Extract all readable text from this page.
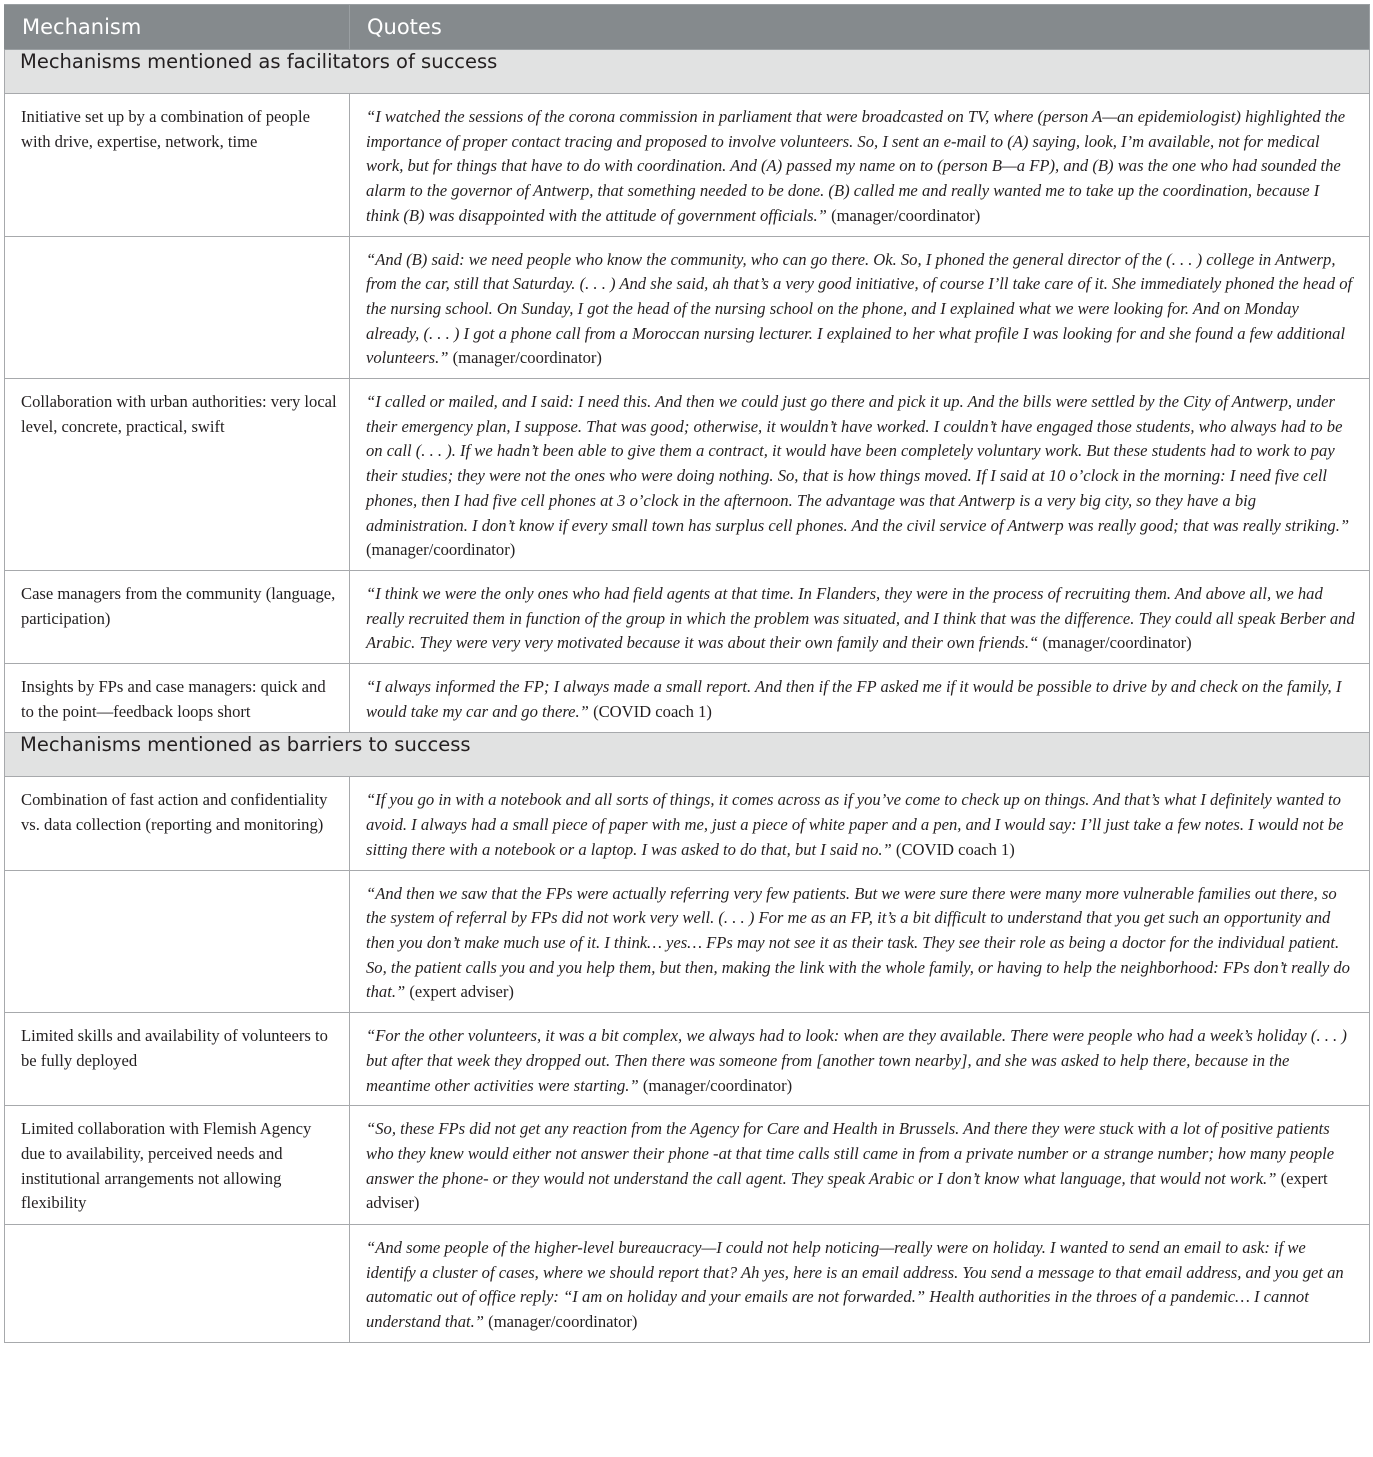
Mechanism	Quotes
Mechanisms mentioned as facilitators of success	
Initiative set up by a combination of people with drive, expertise, network, time	“I watched the sessions of the corona commission in parliament that were broadcasted on TV, where (person A—an epidemiologist) highlighted the importance of proper contact tracing and proposed to involve volunteers. So, I sent an e-mail to (A) saying, look, I’m available, not for medical work, but for things that have to do with coordination. And (A) passed my name on to (person B—a FP), and (B) was the one who had sounded the alarm to the governor of Antwerp, that something needed to be done. (B) called me and really wanted me to take up the coordination, because I think (B) was disappointed with the attitude of government officials.” (manager/coordinator)
	“And (B) said: we need people who know the community, who can go there. Ok. So, I phoned the general director of the (. . . ) college in Antwerp, from the car, still that Saturday. (. . . ) And she said, ah that’s a very good initiative, of course I’ll take care of it. She immediately phoned the head of the nursing school. On Sunday, I got the head of the nursing school on the phone, and I explained what we were looking for. And on Monday already, (. . . ) I got a phone call from a Moroccan nursing lecturer. I explained to her what profile I was looking for and she found a few additional volunteers.” (manager/coordinator)
Collaboration with urban authorities: very local level, concrete, practical, swift	“I called or mailed, and I said: I need this. And then we could just go there and pick it up. And the bills were settled by the City of Antwerp, under their emergency plan, I suppose. That was good; otherwise, it wouldn’t have worked. I couldn’t have engaged those students, who always had to be on call (. . . ). If we hadn’t been able to give them a contract, it would have been completely voluntary work. But these students had to work to pay their studies; they were not the ones who were doing nothing. So, that is how things moved. If I said at 10 o’clock in the morning: I need five cell phones, then I had five cell phones at 3 o’clock in the afternoon. The advantage was that Antwerp is a very big city, so they have a big administration. I don’t know if every small town has surplus cell phones. And the civil service of Antwerp was really good; that was really striking.” (manager/coordinator)
Case managers from the community (language, participation)	“I think we were the only ones who had field agents at that time. In Flanders, they were in the process of recruiting them. And above all, we had really recruited them in function of the group in which the problem was situated, and I think that was the difference. They could all speak Berber and Arabic. They were very very motivated because it was about their own family and their own friends.“ (manager/coordinator)
Insights by FPs and case managers: quick and to the point—feedback loops short	“I always informed the FP; I always made a small report. And then if the FP asked me if it would be possible to drive by and check on the family, I would take my car and go there.” (COVID coach 1)
Mechanisms mentioned as barriers to success	
Combination of fast action and confidentiality vs. data collection (reporting and monitoring)	“If you go in with a notebook and all sorts of things, it comes across as if you’ve come to check up on things. And that’s what I definitely wanted to avoid. I always had a small piece of paper with me, just a piece of white paper and a pen, and I would say: I’ll just take a few notes. I would not be sitting there with a notebook or a laptop. I was asked to do that, but I said no.” (COVID coach 1)
	“And then we saw that the FPs were actually referring very few patients. But we were sure there were many more vulnerable families out there, so the system of referral by FPs did not work very well. (. . . ) For me as an FP, it’s a bit difficult to understand that you get such an opportunity and then you don’t make much use of it. I think… yes… FPs may not see it as their task. They see their role as being a doctor for the individual patient. So, the patient calls you and you help them, but then, making the link with the whole family, or having to help the neighborhood: FPs don’t really do that.” (expert adviser)
Limited skills and availability of volunteers to be fully deployed	“For the other volunteers, it was a bit complex, we always had to look: when are they available. There were people who had a week’s holiday (. . . ) but after that week they dropped out. Then there was someone from [another town nearby], and she was asked to help there, because in the meantime other activities were starting.” (manager/coordinator)
Limited collaboration with Flemish Agency due to availability, perceived needs and institutional arrangements not allowing flexibility	“So, these FPs did not get any reaction from the Agency for Care and Health in Brussels. And there they were stuck with a lot of positive patients who they knew would either not answer their phone -at that time calls still came in from a private number or a strange number; how many people answer the phone- or they would not understand the call agent. They speak Arabic or I don’t know what language, that would not work.” (expert adviser)
	“And some people of the higher-level bureaucracy—I could not help noticing—really were on holiday. I wanted to send an email to ask: if we identify a cluster of cases, where we should report that? Ah yes, here is an email address. You send a message to that email address, and you get an automatic out of office reply: “I am on holiday and your emails are not forwarded.” Health authorities in the throes of a pandemic… I cannot understand that.” (manager/coordinator)
